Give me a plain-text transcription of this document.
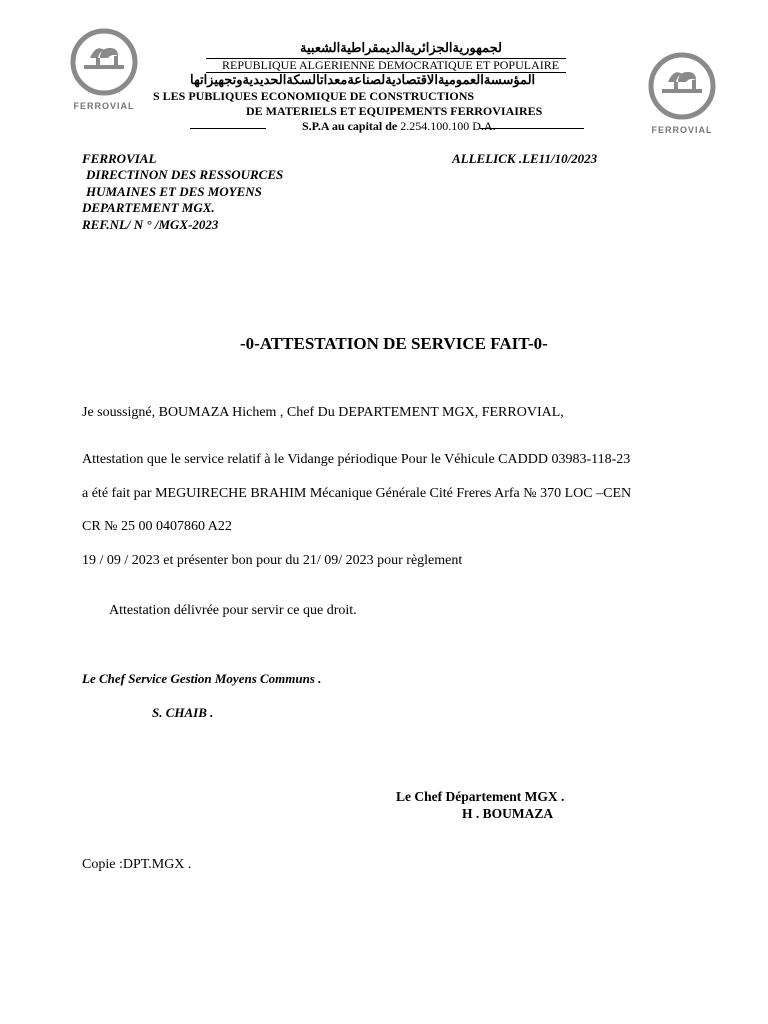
FERROVIAL
FERROVIAL
لجمهوريةالجزائريةالديمقراطيةالشعبية
REPUBLIQUE ALGERIENNE DEMOCRATIQUE ET POPULAIRE
المؤسسةالعموميةالاقتصاديةلصناعةمعداتالسكةالحديديةوتجهيزاتها
S LES PUBLIQUES ECONOMIQUE DE CONSTRUCTIONS
DE MATERIELS ET EQUIPEMENTS FERROVIAIRES
S.P.A au capital de 2.254.100.100 D.A.
FERROVIAL
DIRECTINON DES RESSOURCES
HUMAINES ET DES MOYENS
DEPARTEMENT MGX.
REF.NL/ N ° /MGX-2023
ALLELICK .LE11/10/2023
-0-ATTESTATION DE SERVICE FAIT-0-
Je soussigné, BOUMAZA Hichem , Chef Du DEPARTEMENT MGX, FERROVIAL,
Attestation que le service relatif à le Vidange périodique Pour le Véhicule CADDD 03983-118-23
a été fait par MEGUIRECHE BRAHIM Mécanique Générale Cité Freres Arfa № 370 LOC –CEN
CR № 25 00 0407860 A22
19 / 09 / 2023 et présenter bon pour du 21/ 09/ 2023 pour règlement
Attestation délivrée pour servir ce que droit.
Le Chef Service Gestion Moyens Communs .
S. CHAIB .
Le Chef Département MGX .
H . BOUMAZA
Copie :DPT.MGX .
